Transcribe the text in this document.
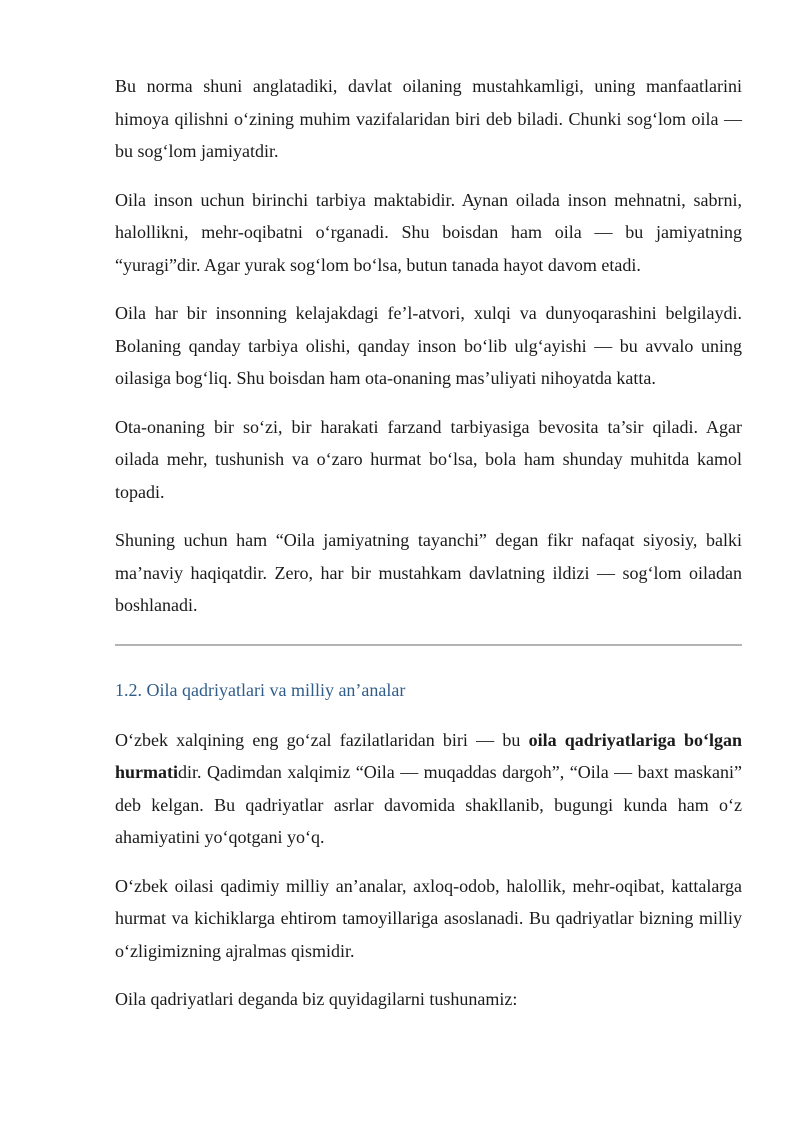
Bu norma shuni anglatadiki, davlat oilaning mustahkamligi, uning manfaatlarini himoya qilishni o‘zining muhim vazifalaridan biri deb biladi. Chunki sog‘lom oila — bu sog‘lom jamiyatdir.

Oila inson uchun birinchi tarbiya maktabidir. Aynan oilada inson mehnatni, sabrni, halollikni, mehr-oqibatni o‘rganadi. Shu boisdan ham oila — bu jamiyatning “yuragi”dir. Agar yurak sog‘lom bo‘lsa, butun tanada hayot davom etadi.

Oila har bir insonning kelajakdagi fe’l-atvori, xulqi va dunyoqarashini belgilaydi. Bolaning qanday tarbiya olishi, qanday inson bo‘lib ulg‘ayishi — bu avvalo uning oilasiga bog‘liq. Shu boisdan ham ota-onaning mas’uliyati nihoyatda katta.

Ota-onaning bir so‘zi, bir harakati farzand tarbiyasiga bevosita ta’sir qiladi. Agar oilada mehr, tushunish va o‘zaro hurmat bo‘lsa, bola ham shunday muhitda kamol topadi.

Shuning uchun ham “Oila jamiyatning tayanchi” degan fikr nafaqat siyosiy, balki ma’naviy haqiqatdir. Zero, har bir mustahkam davlatning ildizi — sog‘lom oiladan boshlanadi.

1.2. Oila qadriyatlari va milliy an’analar

O‘zbek xalqining eng go‘zal fazilatlaridan biri — bu oila qadriyatlariga bo‘lgan hurmatidir. Qadimdan xalqimiz “Oila — muqaddas dargoh”, “Oila — baxt maskani” deb kelgan. Bu qadriyatlar asrlar davomida shakllanib, bugungi kunda ham o‘z ahamiyatini yo‘qotgani yo‘q.

O‘zbek oilasi qadimiy milliy an’analar, axloq-odob, halollik, mehr-oqibat, kattalarga hurmat va kichiklarga ehtirom tamoyillariga asoslanadi. Bu qadriyatlar bizning milliy o‘zligimizning ajralmas qismidir.

Oila qadriyatlari deganda biz quyidagilarni tushunamiz:
